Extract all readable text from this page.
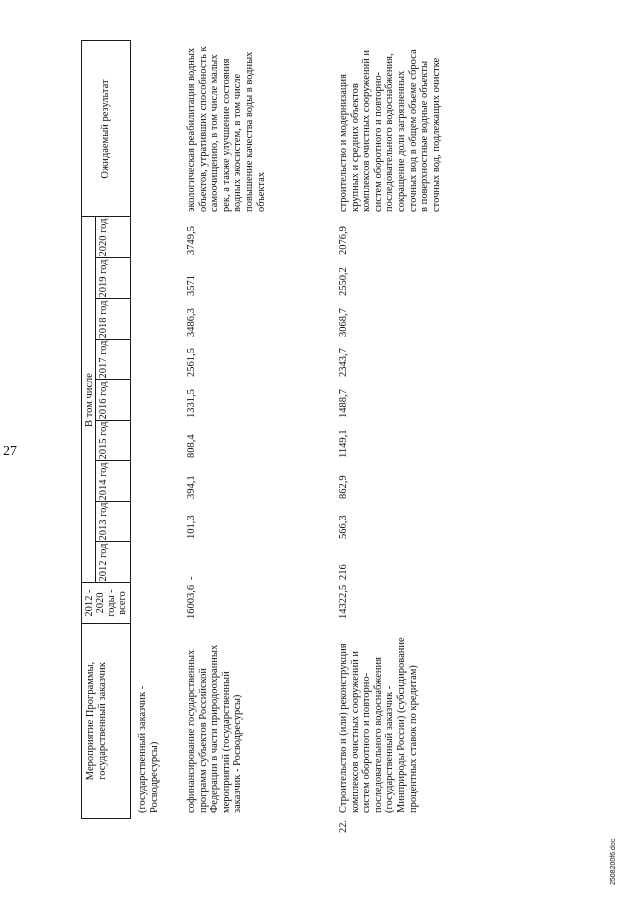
27
Мероприятие Программы, государственный заказчик
2012 - 2020 годы - всего
В том числе
2012 год
2013 год
2014 год
2015 год
2016 год
2017 год
2018 год
2019 год
2020 год
Ожидаемый результат
(государственный заказчик - Росводресурсы)	софинансирование государственных программ субъектов Российской Федерации в части природоохранных мероприятий (государственный заказчик - Росводресурсы)
16003,6
-
101,3
394,1
808,4
1331,5
2561,5
3486,3
3571
3749,5
экологическая реабилитация водных объектов, утративших способность к самоочищению, в том числе малых рек, а также улучшение состояния водных экосистем, в том числе повышение качества воды в водных объектах
22.
Строительство и (или) реконструкция комплексов очистных сооружений и систем оборотного и повторно-последовательного водоснабжения (государственный заказчик - Минприроды России) (субсидирование процентных ставок по кредитам)
14322,5
216
566,3
862,9
1149,1
1488,7
2343,7
3068,7
2550,2
2076,9
строительство и модернизация крупных и средних объектов комплексов очистных сооружений и систем оборотного и повторно-последовательного водоснабжения, сокращение доли загрязненных сточных вод в общем объеме сброса в поверхностные водные объекты сточных вод, подлежащих очистке
2508200f6.doc
